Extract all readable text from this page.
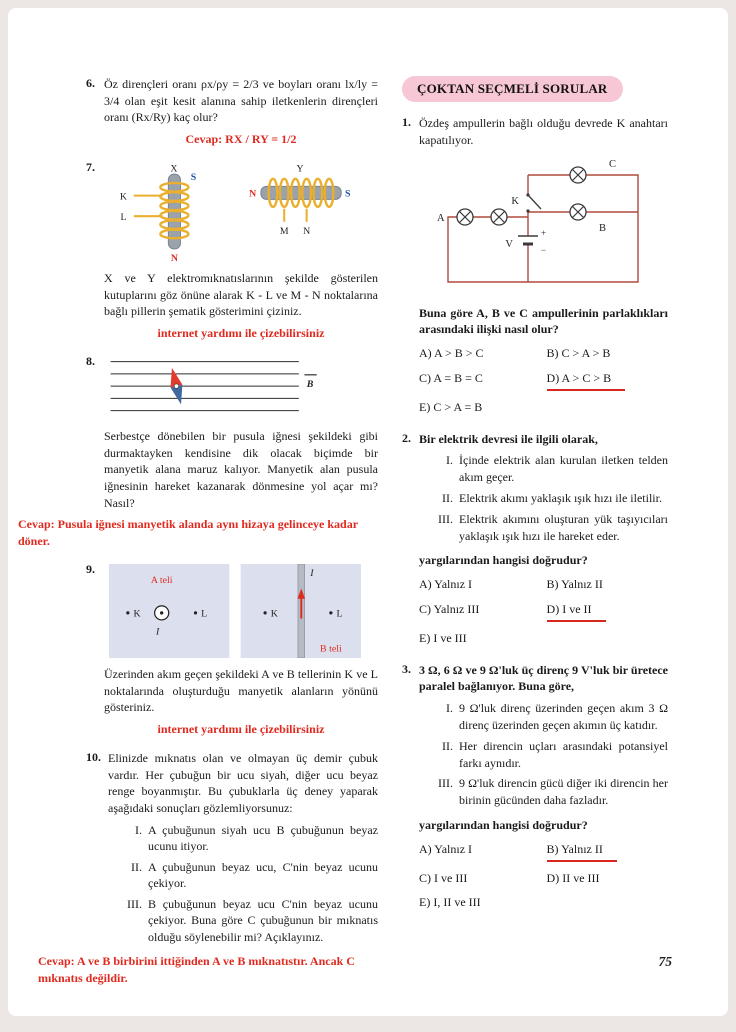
6. Öz dirençleri oranı ρx/ρy = 2/3 ve boyları oranı lx/ly = 3/4 olan eşit kesit alanına sahip iletkenlerin dirençleri oranı (Rx/Ry) kaç olur?

Cevap: RX / RY = 1/2

7.	X
S
K
L
N
Y
N	S
M N

X ve Y elektromıknatıslarının şekilde gösterilen kutuplarını göz önüne alarak K - L ve M - N noktalarına bağlı pillerin şematik gösterimini çiziniz.

internet yardımı ile çizebilirsiniz

8.
B

Serbestçe dönebilen bir pusula iğnesi şekildeki gibi durmaktayken kendisine dik olacak biçimde bir manyetik alana maruz kalıyor. Manyetik alan pusula iğnesinin hareket kazanarak dönmesine yol açar mı? Nasıl?

Cevap: Pusula iğnesi manyetik alanda aynı hizaya gelinceye kadar döner.

9.
A teli
K	L
I
I
K	L
B teli

Üzerinden akım geçen şekildeki A ve B tellerinin K ve L noktalarında oluşturduğu manyetik alanların yönünü gösteriniz.

internet yardımı ile çizebilirsiniz

10. Elinizde mıknatıs olan ve olmayan üç demir çubuk vardır. Her çubuğun bir ucu siyah, diğer ucu beyaz renge boyanmıştır. Bu çubuklarla üç deney yaparak aşağıdaki sonuçları gözlemliyorsunuz:

I. A çubuğunun siyah ucu B çubuğunun beyaz ucunu itiyor.
II. A çubuğunun beyaz ucu, C'nin beyaz ucunu çekiyor.
III. B çubuğunun beyaz ucu C'nin beyaz ucunu çekiyor. Buna göre C çubuğunun bir mıknatıs olduğu söylenebilir mi? Açıklayınız.

Cevap: A ve B birbirini ittiğinden A ve B mıknatıstır. Ancak C mıknatıs değildir.

ÇOKTAN SEÇMELİ SORULAR
1. Özdeş ampullerin bağlı olduğu devrede K anahtarı kapatılıyor.

K
V
+
−
A
C
B

Buna göre A, B ve C ampullerinin parlaklıkları arasındaki ilişki nasıl olur?

A) A > B > C	B) C > A > B
C) A = B = C	D) A > C > B
E) C > A = B
2. Bir elektrik devresi ile ilgili olarak,

I. İçinde elektrik alan kurulan iletken telden akım geçer.
II. Elektrik akımı yaklaşık ışık hızı ile iletilir.
III. Elektrik akımını oluşturan yük taşıyıcıları yaklaşık ışık hızı ile hareket eder.

yargılarından hangisi doğrudur?

A) Yalnız I	B) Yalnız II
C) Yalnız III	D) I ve II
E) I ve III
3. 3 Ω, 6 Ω ve 9 Ω'luk üç direnç 9 V'luk bir üretece paralel bağlanıyor. Buna göre,

I. 9 Ω'luk direnç üzerinden geçen akım 3 Ω direnç üzerinden geçen akımın üç katıdır.
II. Her direncin uçları arasındaki potansiyel farkı aynıdır.
III. 9 Ω'luk direncin gücü diğer iki direncin her birinin gücünden daha fazladır.

yargılarından hangisi doğrudur?

A) Yalnız I	B) Yalnız II
C) I ve III	D) II ve III
E) I, II ve III
75
